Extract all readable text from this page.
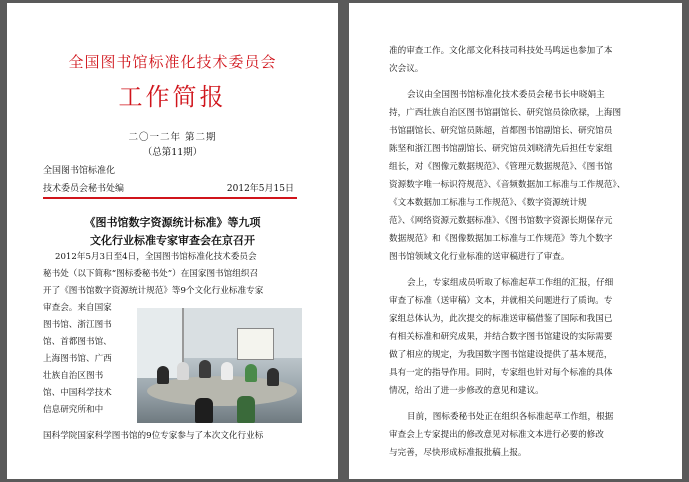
全国图书馆标准化技术委员会
工作简报
二〇一二年 第二期
（总第11期）
全国图书馆标准化
技术委员会秘书处编	2012年5月15日
《图书馆数字资源统计标准》等九项
文化行业标准专家审查会在京召开
2012年5月3日至4日，全国图书馆标准化技术委员会
秘书处（以下简称“图标委秘书处”）在国家图书馆组织召
开了《图书馆数字资源统计规范》等9个文化行业标准专家
审查会。来自国家
图书馆、浙江图书
馆、首都图书馆、
上海图书馆、广西
壮族自治区图书
馆、中国科学技术
信息研究所和中
国科学院国家科学图书馆的9位专家参与了本次文化行业标
准的审查工作。文化部文化科技司科技处马鸣远也参加了本
次会议。
会议由全国图书馆标准化技术委员会秘书长申晓娟主
持，广西壮族自治区图书馆副馆长、研究馆员徐欣禄，上海图
书馆副馆长、研究馆员陈超，首都图书馆副馆长、研究馆员
陈坚和浙江图书馆副馆长、研究馆员刘晓清先后担任专家组
组长，对《图像元数据规范》、《管理元数据规范》、《图书馆
资源数字唯一标识符规范》、《音频数据加工标准与工作规范》、
《文本数据加工标准与工作规范》、《数字资源统计规
范》、《网络资源元数据标准》、《图书馆数字资源长期保存元
数据规范》和《图像数据加工标准与工作规范》等九个数字
图书馆领域文化行业标准的送审稿进行了审查。
会上，专家组成员听取了标准起草工作组的汇报，仔细
审查了标准（送审稿）文本，并就相关问题进行了质询。专
家组总体认为，此次提交的标准送审稿借鉴了国际和我国已
有相关标准和研究成果，并结合数字图书馆建设的实际需要
做了相应的规定，为我国数字图书馆建设提供了基本规范，
具有一定的指导作用。同时，专家组也针对每个标准的具体
情况，给出了进一步修改的意见和建议。
目前，图标委秘书处正在组织各标准起草工作组，根据
审查会上专家提出的修改意见对标准文本进行必要的修改
与完善，尽快形成标准报批稿上报。
